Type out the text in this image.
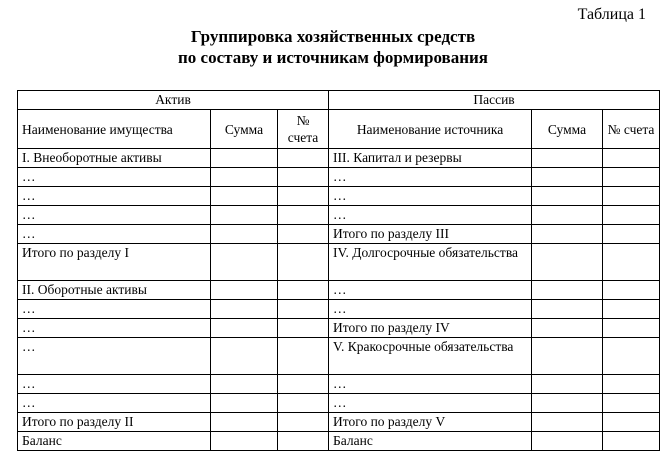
Таблица 1
Группировка хозяйственных средств
по составу и источникам формирования
Актив			Пассив		
Наименование имущества	Сумма	№ счета	Наименование источника	Сумма	№ счета
I. Внеоборотные активы			III. Капитал и резервы		
…			…		
…			…		
…			…		
…			Итого по разделу III		
Итого по разделу I			IV. Долгосрочные обязательства		
II. Оборотные активы			…		
…			…		
…			Итого по разделу IV		
…			V. Кракосрочные обязательства		
…			…		
…			…		
Итого по разделу II			Итого по разделу V		
Баланс			Баланс		
